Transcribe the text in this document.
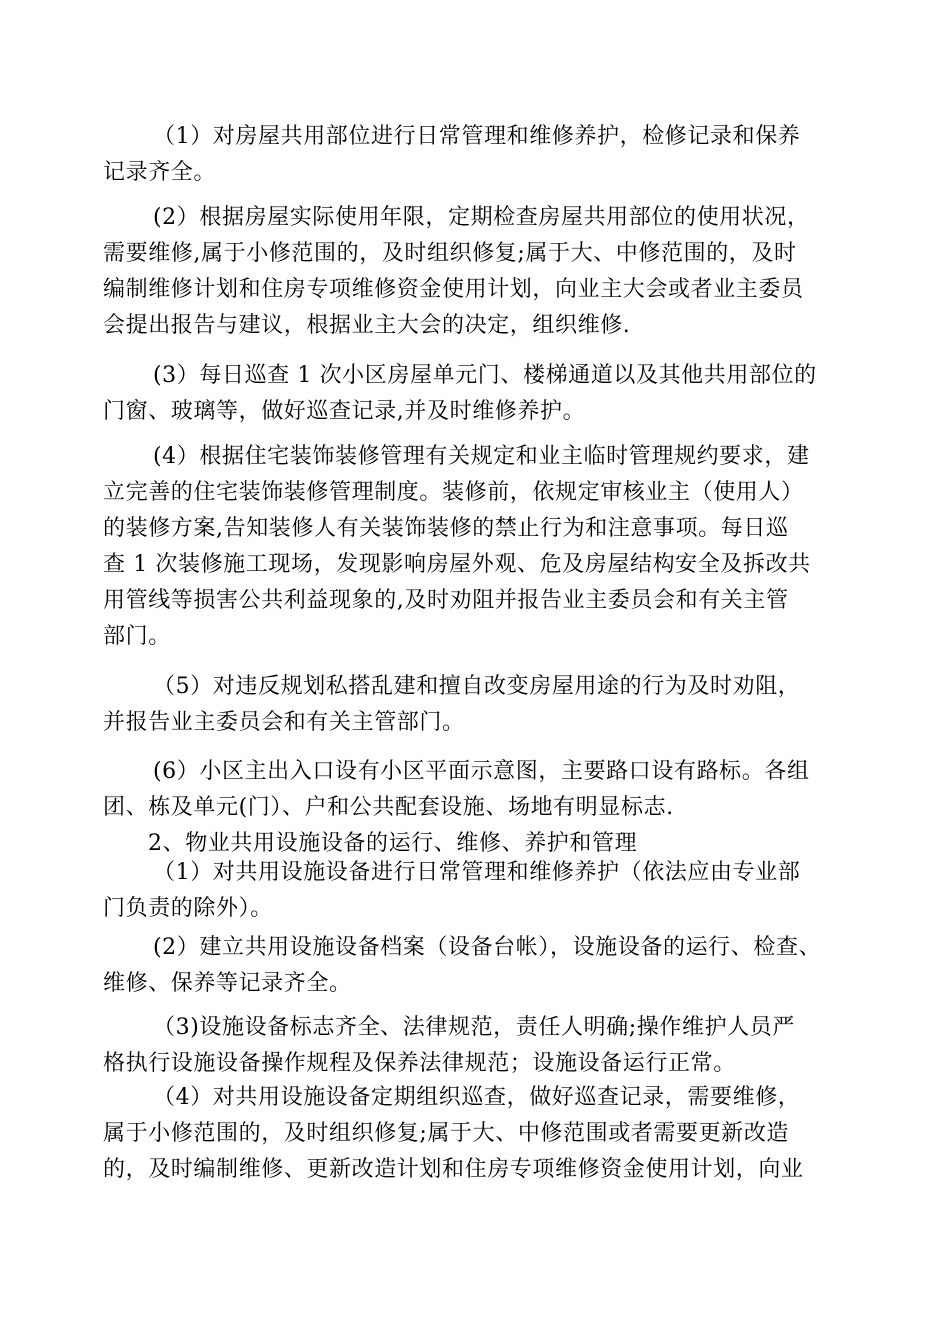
（1）对房屋共用部位进行日常管理和维修养护，检修记录和保养
记录齐全。
(2）根据房屋实际使用年限，定期检查房屋共用部位的使用状况，
需要维修,属于小修范围的，及时组织修复;属于大、中修范围的，及时
编制维修计划和住房专项维修资金使用计划，向业主大会或者业主委员
会提出报告与建议，根据业主大会的决定，组织维修.
(3）每日巡查 1 次小区房屋单元门、楼梯通道以及其他共用部位的
门窗、玻璃等，做好巡查记录,并及时维修养护。
(4）根据住宅装饰装修管理有关规定和业主临时管理规约要求，建
立完善的住宅装饰装修管理制度。装修前，依规定审核业主（使用人）
的装修方案,告知装修人有关装饰装修的禁止行为和注意事项。每日巡
查 1 次装修施工现场，发现影响房屋外观、危及房屋结构安全及拆改共
用管线等损害公共利益现象的,及时劝阻并报告业主委员会和有关主管
部门。
（5）对违反规划私搭乱建和擅自改变房屋用途的行为及时劝阻，
并报告业主委员会和有关主管部门。
(6）小区主出入口设有小区平面示意图，主要路口设有路标。各组
团、栋及单元(门）、户和公共配套设施、场地有明显标志.
2、物业共用设施设备的运行、维修、养护和管理
（1）对共用设施设备进行日常管理和维修养护（依法应由专业部
门负责的除外）。
(2）建立共用设施设备档案（设备台帐），设施设备的运行、检查、
维修、保养等记录齐全。
（3)设施设备标志齐全、法律规范，责任人明确;操作维护人员严
格执行设施设备操作规程及保养法律规范；设施设备运行正常。
（4）对共用设施设备定期组织巡查，做好巡查记录，需要维修，
属于小修范围的，及时组织修复;属于大、中修范围或者需要更新改造
的，及时编制维修、更新改造计划和住房专项维修资金使用计划，向业
